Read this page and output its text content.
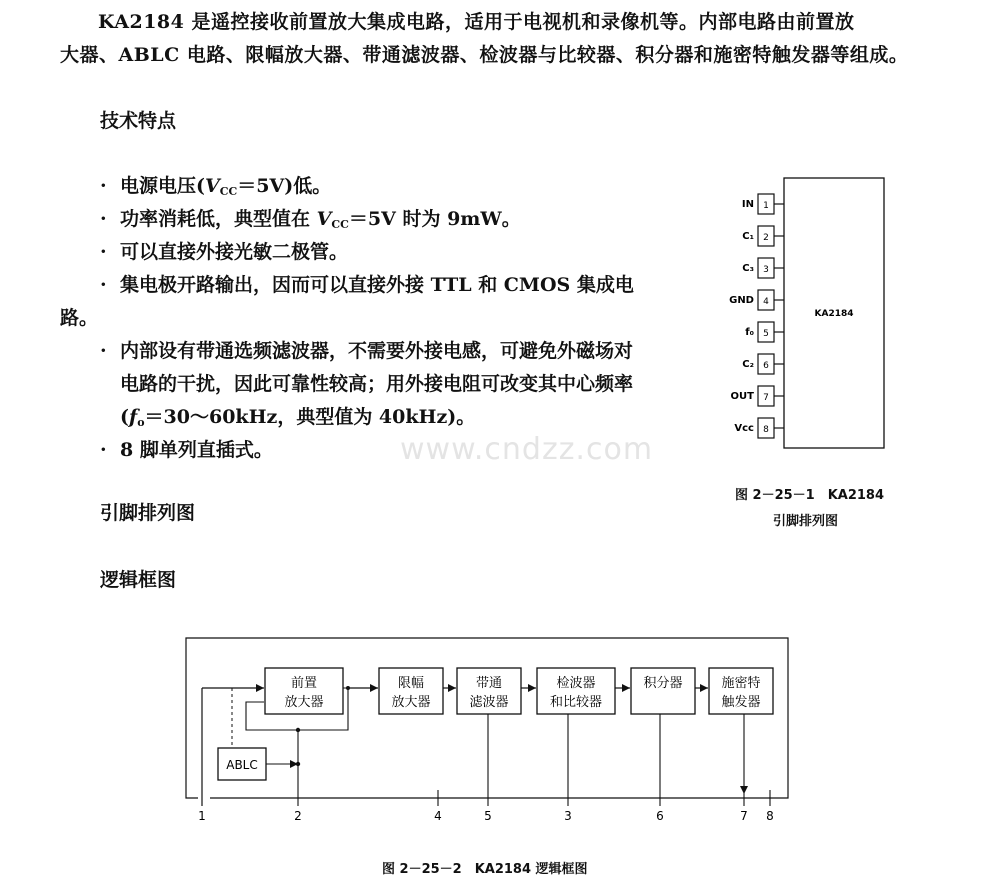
KA2184 是遥控接收前置放大集成电路，适用于电视机和录像机等。内部电路由前置放
大器、ABLC 电路、限幅放大器、带通滤波器、检波器与比较器、积分器和施密特触发器等组成。
技术特点
· 电源电压$(V_{CC}=5V)$低。
· 功率消耗低，典型值在 $V_{CC}=5V$ 时为 9mW。
· 可以直接外接光敏二极管。
· 集电极开路输出，因而可以直接外接 TTL 和 CMOS 集成电
路。
· 内部设有带通选频滤波器，不需要外接电感，可避免外磁场对
电路的干扰，因此可靠性较高；用外接电阻可改变其中心频率
($f_o=30\sim 60kHz$，典型值为 40kHz)。
· 8 脚单列直插式。
引脚排列图
逻辑框图
www.cndzz.com
KA2184
1
IN
2
C₁
3
C₃
4
GND
5
f₀
6
C₂
7
OUT
8
Vcc
图 2－25－1　KA2184
引脚排列图
前置
放大器
ABLC
限幅
放大器
带通
滤波器
检波器
和比较器
积分器	施密特
触发器
1	2	4	5	3	6	7 8
图 2－25－2　KA2184 逻辑框图
